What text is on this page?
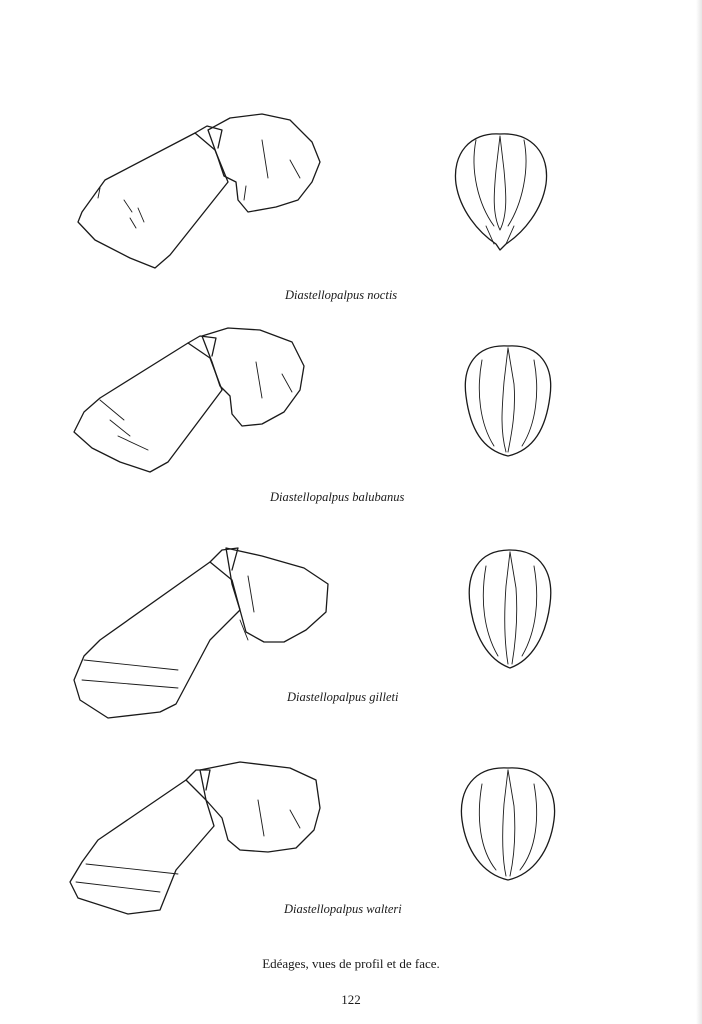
Diastellopalpus noctis
Diastellopalpus balubanus
Diastellopalpus gilleti
Diastellopalpus walteri
Edéages, vues de profil et de face.
122
